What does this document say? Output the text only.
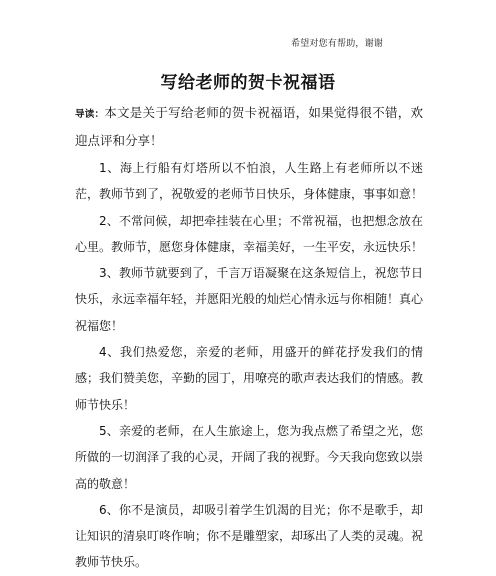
希望对您有帮助，谢谢
写给老师的贺卡祝福语

导读：本文是关于写给老师的贺卡祝福语，如果觉得很不错，欢迎点评和分享！

1、海上行船有灯塔所以不怕浪，人生路上有老师所以不迷茫，教师节到了，祝敬爱的老师节日快乐，身体健康，事事如意！

2、不常问候，却把牵挂装在心里；不常祝福，也把想念放在心里。教师节，愿您身体健康，幸福美好，一生平安，永远快乐！

3、教师节就要到了，千言万语凝聚在这条短信上，祝您节日快乐，永远幸福年轻，并愿阳光般的灿烂心情永远与你相随！真心祝福您！

4、我们热爱您，亲爱的老师，用盛开的鲜花抒发我们的情感；我们赞美您，辛勤的园丁，用嘹亮的歌声表达我们的情感。教师节快乐！

5、亲爱的老师，在人生旅途上，您为我点燃了希望之光，您所做的一切润泽了我的心灵，开阔了我的视野。今天我向您致以崇高的敬意！

6、你不是演员，却吸引着学生饥渴的目光；你不是歌手，却让知识的清泉叮咚作响；你不是雕塑家，却琢出了人类的灵魂。祝教师节快乐。
